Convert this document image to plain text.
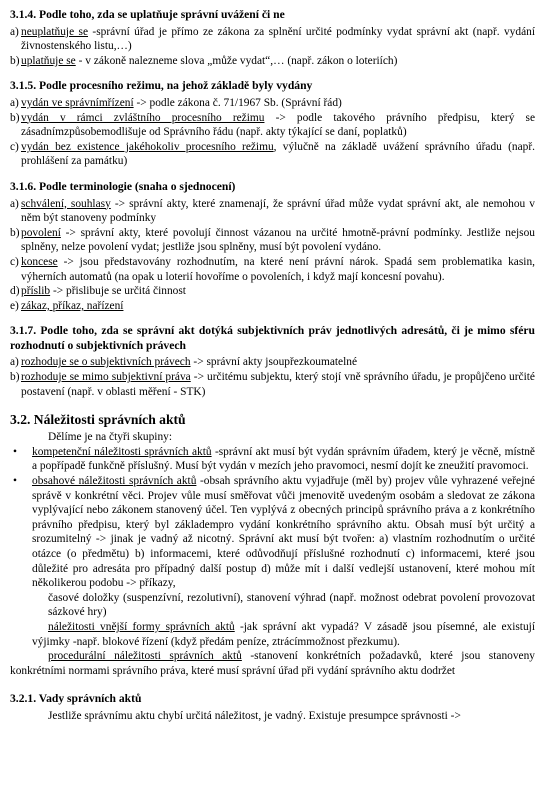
3.1.4. Podle toho, zda se uplatňuje správní uvážení či ne
a) neuplatňuje se -správní úřad je přímo ze zákona za splnění určité podmínky vydat správní akt (např. vydání živnostenského listu,…)
b) uplatňuje se - v zákoně nalezneme slova „může vydat“,… (např. zákon o loteriích)
3.1.5. Podle procesního režimu, na jehož základě byly vydány
a) vydán ve správnímřízení -> podle zákona č. 71/1967 Sb. (Správní řád)
b) vydán v rámci zvláštního procesního režimu -> podle takového právního předpisu, který se zásadnímzpůsobemodlišuje od Správního řádu (např. akty týkající se daní, poplatků)
c) vydán bez existence jakéhokoliv procesního režimu, výlučně na základě uvážení správního úřadu (např. prohlášení za památku)
3.1.6. Podle terminologie (snaha o sjednocení)
a) schválení, souhlasy -> správní akty, které znamenají, že správní úřad může vydat správní akt, ale nemohou v něm být stanoveny podmínky
b) povolení -> správní akty, které povolují činnost vázanou na určité hmotně-právní podmínky. Jestliže nejsou splněny, nelze povolení vydat; jestliže jsou splněny, musí být povolení vydáno.
c) koncese -> jsou představovány rozhodnutím, na které není právní nárok. Spadá sem problematika kasin, výherních automatů (na opak u loterií hovoříme o povoleních, i když mají koncesní povahu).
d) příslib -> přislibuje se určitá činnost
e) zákaz, příkaz, nařízení
3.1.7. Podle toho, zda se správní akt dotýká subjektivních práv jednotlivých adresátů, či je mimo sféru rozhodnutí o subjektivních právech
a) rozhoduje se o subjektivních právech -> správní akty jsoupřezkoumatelné
b) rozhoduje se mimo subjektivní práva -> určitému subjektu, který stojí vně správního úřadu, je propůjčeno určité postavení (např. v oblasti měření - STK)
3.2. Náležitosti správních aktů
Dělíme je na čtyři skupiny:
•	kompetenční náležitosti správních aktů -správní akt musí být vydán správním úřadem, který je věcně, místně a popřípadě funkčně příslušný. Musí být vydán v mezích jeho pravomoci, nesmí dojít ke zneužití pravomoci.
•	obsahové náležitosti správních aktů -obsah správního aktu vyjadřuje (měl by) projev vůle vyhrazené veřejné správě v konkrétní věci. Projev vůle musí směřovat vůči jmenovitě uvedeným osobám a sledovat ze zákona vyplývající nebo zákonem stanovený účel. Ten vyplývá z obecných principů správního práva a z konkrétního právního předpisu, který byl základempro vydání konkrétního správního aktu. Obsah musí být určitý a srozumitelný -> jinak je vadný až nicotný. Správní akt musí být tvořen: a) vlastním rozhodnutím o určité otázce (o předmětu) b) informacemi, které odůvodňují příslušné rozhodnutí c) informacemi, které jsou důležité pro adresáta pro případný další postup d) může mít i další vedlejší ustanovení, které mohou mít několikerou podobu -> příkazy,
časové doložky (suspenzívní, rezolutivní), stanovení výhrad (např. možnost odebrat povolení provozovat sázkové hry)
náležitosti vnější formy správních aktů -jak správní akt vypadá? V zásadě jsou písemné, ale existují výjimky -např. blokové řízení (když předám peníze, ztrácímmožnost přezkumu).
procedurální náležitosti správních aktů -stanovení konkrétních požadavků, které jsou stanoveny konkrétními normami správního práva, které musí správní úřad při vydání správního aktu dodržet
3.2.1. Vady správních aktů
Jestliže správnímu aktu chybí určitá náležitost, je vadný. Existuje presumpce správnosti ->
